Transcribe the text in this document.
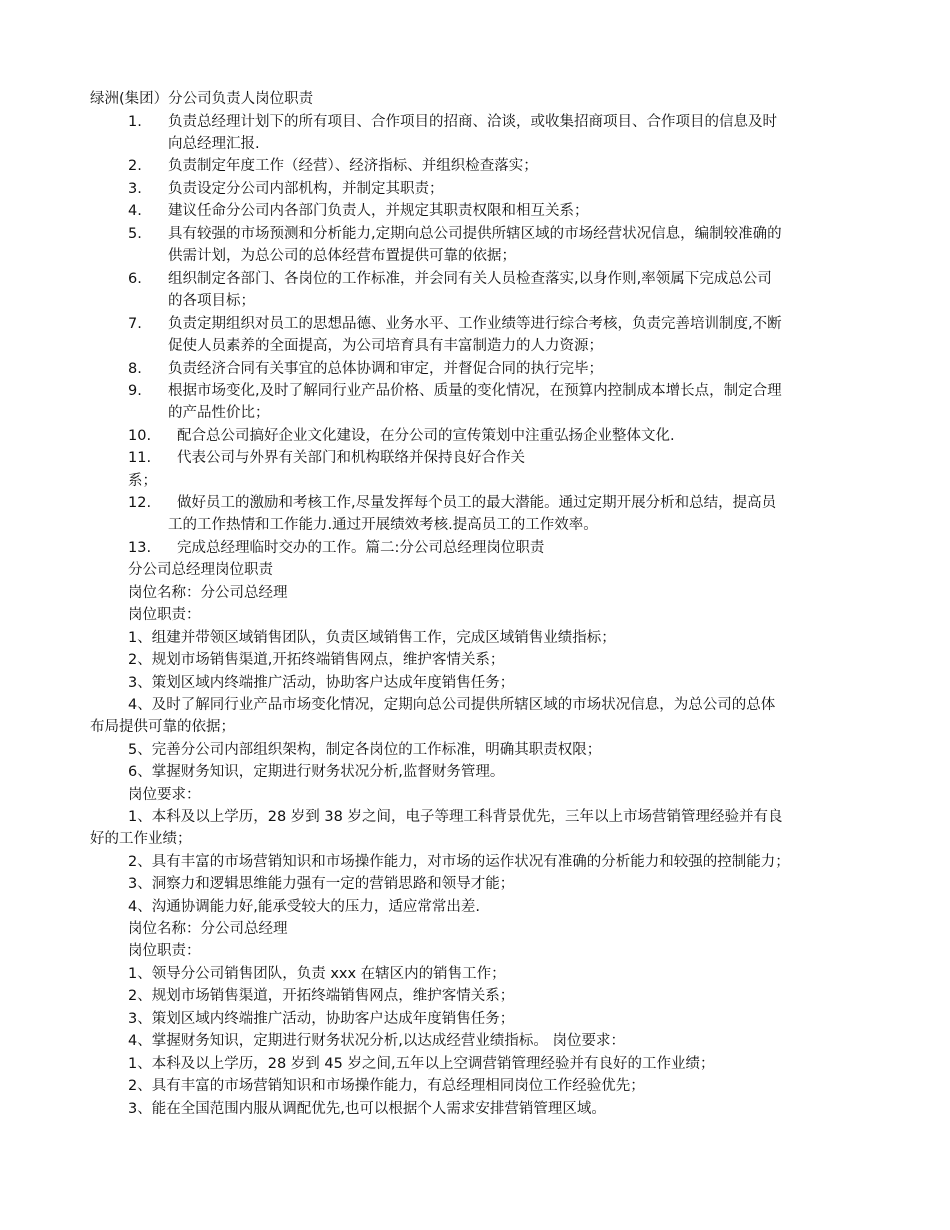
绿洲(集团）分公司负责人岗位职责
1. 负责总经理计划下的所有项目、合作项目的招商、洽谈，或收集招商项目、合作项目的信息及时
向总经理汇报.
2. 负责制定年度工作（经营）、经济指标、并组织检查落实；
3. 负责设定分公司内部机构，并制定其职责；
4. 建议任命分公司内各部门负责人，并规定其职责权限和相互关系；
5. 具有较强的市场预测和分析能力,定期向总公司提供所辖区域的市场经营状况信息，编制较准确的
供需计划，为总公司的总体经营布置提供可靠的依据；
6. 组织制定各部门、各岗位的工作标准，并会同有关人员检查落实,以身作则,率领属下完成总公司
的各项目标；
7. 负责定期组织对员工的思想品德、业务水平、工作业绩等进行综合考核，负责完善培训制度,不断
促使人员素养的全面提高，为公司培育具有丰富制造力的人力资源；
8. 负责经济合同有关事宜的总体协调和审定，并督促合同的执行完毕；
9. 根据市场变化,及时了解同行业产品价格、质量的变化情况，在预算内控制成本增长点，制定合理
的产品性价比；
10. 配合总公司搞好企业文化建设，在分公司的宣传策划中注重弘扬企业整体文化.
11. 代表公司与外界有关部门和机构联络并保持良好合作关
系；
12. 做好员工的激励和考核工作,尽量发挥每个员工的最大潜能。通过定期开展分析和总结，提高员
工的工作热情和工作能力.通过开展绩效考核.提高员工的工作效率。
13. 完成总经理临时交办的工作。篇二:分公司总经理岗位职责
分公司总经理岗位职责
岗位名称：分公司总经理
岗位职责：
1、组建并带领区域销售团队，负责区域销售工作，完成区域销售业绩指标；
2、规划市场销售渠道,开拓终端销售网点，维护客情关系；
3、策划区域内终端推广活动，协助客户达成年度销售任务；
4、及时了解同行业产品市场变化情况，定期向总公司提供所辖区域的市场状况信息，为总公司的总体
布局提供可靠的依据；
5、完善分公司内部组织架构，制定各岗位的工作标准，明确其职责权限；
6、掌握财务知识，定期进行财务状况分析,监督财务管理。
岗位要求：
1、本科及以上学历，28 岁到 38 岁之间，电子等理工科背景优先，三年以上市场营销管理经验并有良
好的工作业绩；
2、具有丰富的市场营销知识和市场操作能力，对市场的运作状况有准确的分析能力和较强的控制能力；
3、洞察力和逻辑思维能力强有一定的营销思路和领导才能；
4、沟通协调能力好,能承受较大的压力，适应常常出差.
岗位名称：分公司总经理
岗位职责：
1、领导分公司销售团队，负责 xxx 在辖区内的销售工作；
2、规划市场销售渠道，开拓终端销售网点，维护客情关系；
3、策划区域内终端推广活动，协助客户达成年度销售任务；
4、掌握财务知识，定期进行财务状况分析,以达成经营业绩指标。 岗位要求：
1、本科及以上学历，28 岁到 45 岁之间,五年以上空调营销管理经验并有良好的工作业绩；
2、具有丰富的市场营销知识和市场操作能力，有总经理相同岗位工作经验优先；
3、能在全国范围内服从调配优先,也可以根据个人需求安排营销管理区域。
